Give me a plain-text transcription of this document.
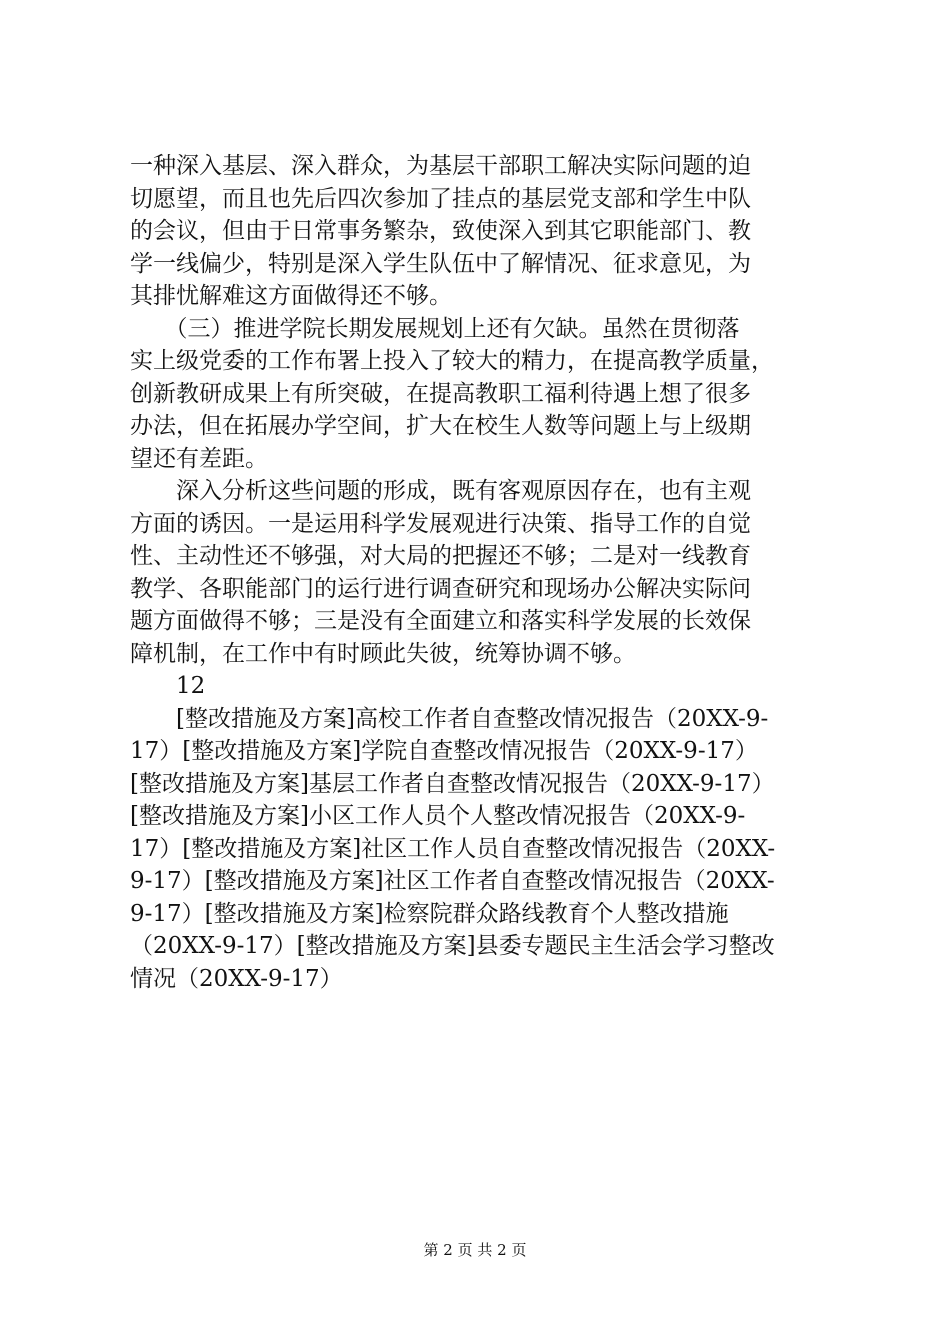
一种深入基层、深入群众，为基层干部职工解决实际问题的迫
切愿望，而且也先后四次参加了挂点的基层党支部和学生中队
的会议，但由于日常事务繁杂，致使深入到其它职能部门、教
学一线偏少，特别是深入学生队伍中了解情况、征求意见，为
其排忧解难这方面做得还不够。
　　（三）推进学院长期发展规划上还有欠缺。虽然在贯彻落
实上级党委的工作布署上投入了较大的精力，在提高教学质量，
创新教研成果上有所突破，在提高教职工福利待遇上想了很多
办法，但在拓展办学空间，扩大在校生人数等问题上与上级期
望还有差距。
　　深入分析这些问题的形成，既有客观原因存在，也有主观
方面的诱因。一是运用科学发展观进行决策、指导工作的自觉
性、主动性还不够强，对大局的把握还不够；二是对一线教育
教学、各职能部门的运行进行调查研究和现场办公解决实际问
题方面做得不够；三是没有全面建立和落实科学发展的长效保
障机制，在工作中有时顾此失彼，统筹协调不够。
　　12
　　[整改措施及方案]高校工作者自查整改情况报告（20XX-9-
17）[整改措施及方案]学院自查整改情况报告（20XX-9-17）
[整改措施及方案]基层工作者自查整改情况报告（20XX-9-17）
[整改措施及方案]小区工作人员个人整改情况报告（20XX-9-
17）[整改措施及方案]社区工作人员自查整改情况报告（20XX-
9-17）[整改措施及方案]社区工作者自查整改情况报告（20XX-
9-17）[整改措施及方案]检察院群众路线教育个人整改措施
（20XX-9-17）[整改措施及方案]县委专题民主生活会学习整改
情况（20XX-9-17）
第 2 页 共 2 页
